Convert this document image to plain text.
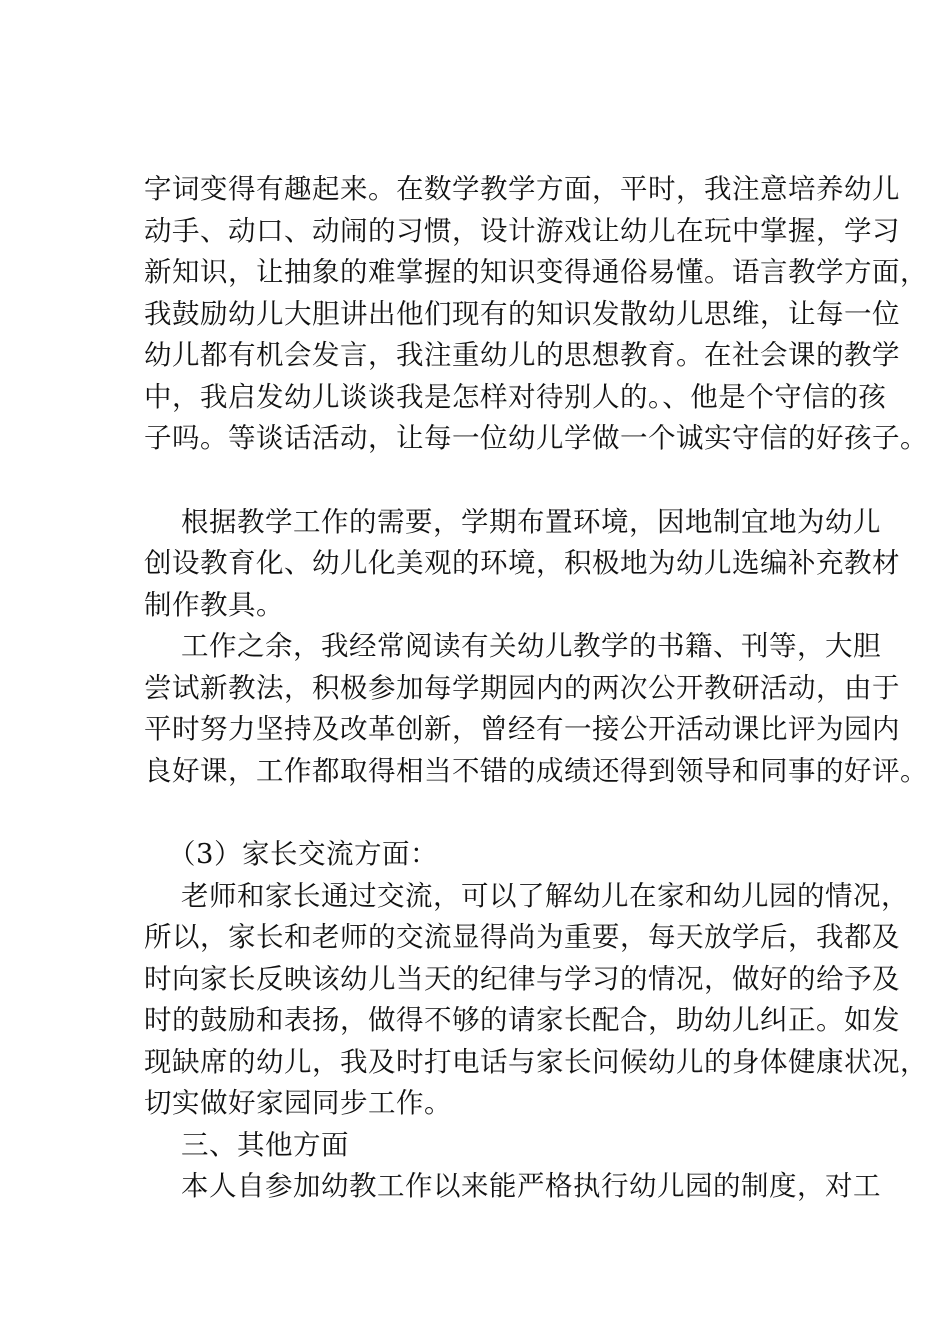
字词变得有趣起来。在数学教学方面，平时，我注意培养幼儿
动手、动口、动闹的习惯，设计游戏让幼儿在玩中掌握，学习
新知识，让抽象的难掌握的知识变得通俗易懂。语言教学方面，
我鼓励幼儿大胆讲出他们现有的知识发散幼儿思维，让每一位
幼儿都有机会发言，我注重幼儿的思想教育。在社会课的教学
中，我启发幼儿谈谈我是怎样对待别人的。、他是个守信的孩
子吗。等谈话活动，让每一位幼儿学做一个诚实守信的好孩子。
根据教学工作的需要，学期布置环境，因地制宜地为幼儿
创设教育化、幼儿化美观的环境，积极地为幼儿选编补充教材
制作教具。
工作之余，我经常阅读有关幼儿教学的书籍、刊等，大胆
尝试新教法，积极参加每学期园内的两次公开教研活动，由于
平时努力坚持及改革创新，曾经有一接公开活动课比评为园内
良好课，工作都取得相当不错的成绩还得到领导和同事的好评。
（3）家长交流方面：
老师和家长通过交流，可以了解幼儿在家和幼儿园的情况，
所以，家长和老师的交流显得尚为重要，每天放学后，我都及
时向家长反映该幼儿当天的纪律与学习的情况，做好的给予及
时的鼓励和表扬，做得不够的请家长配合，助幼儿纠正。如发
现缺席的幼儿，我及时打电话与家长问候幼儿的身体健康状况，
切实做好家园同步工作。
三、其他方面
本人自参加幼教工作以来能严格执行幼儿园的制度，对工
